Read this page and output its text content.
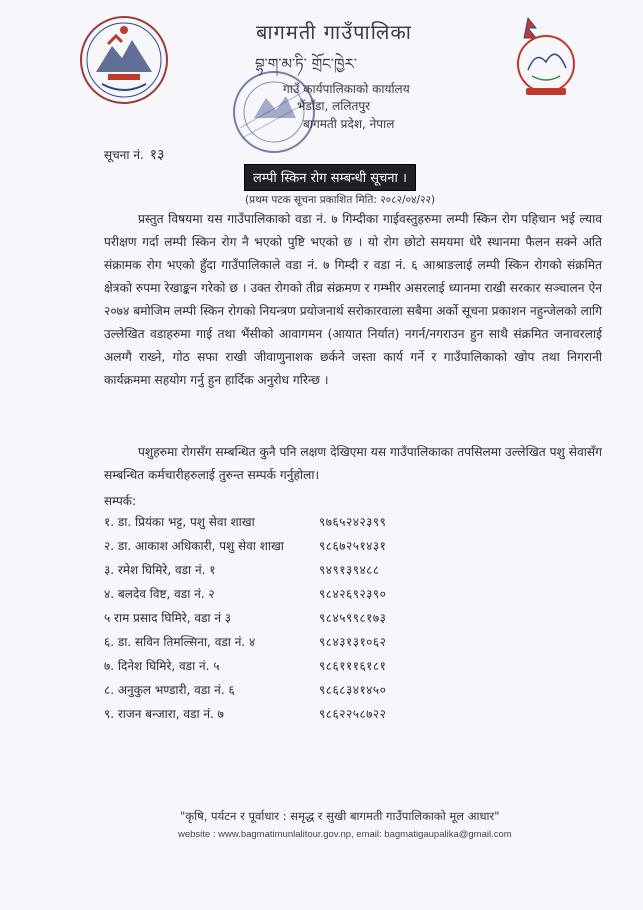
बागमती गाउँपालिका
བྷ་ག་མ་ཏི་ གྲོང་ཁྱེར་
गाउँ कार्यपालिकाको कार्यालय
भैंडाँडा, ललितपुर
बागमती प्रदेश, नेपाल
सूचना नं. १३
लम्पी स्किन रोग सम्बन्धी सूचना ।
(प्रथम पटक सूचना प्रकाशित मिति: २०८२/०४/२२)
प्रस्तुत विषयमा यस गाउँपालिकाको वडा नं. ७ गिम्दीका गाईवस्तुहरुमा लम्पी स्किन रोग पहिचान भई ल्याव परीक्षण गर्दा लम्पी स्किन रोग नै भएको पुष्टि भएको छ । यो रोग छोटो समयमा धेरै स्थानमा फैलन सक्ने अति संक्रामक रोग भएको हुँदा गाउँपालिकाले वडा नं. ७ गिम्दी र वडा नं. ६ आश्राङलाई लम्पी स्किन रोगको संक्रमित क्षेत्रको रुपमा रेखाङ्कन गरेको छ । उक्त रोगको तीव्र संक्रमण र गम्भीर असरलाई ध्यानमा राखी सरकार सञ्चालन ऐन २०७४ बमोजिम लम्पी स्किन रोगको नियन्त्रण प्रयोजनार्थ सरोकारवाला सबैमा अर्को सूचना प्रकाशन नहुन्जेलको लागि उल्लेखित वडाहरुमा गाई तथा भैंसीको आवागमन (आयात निर्यात) नगर्न/नगराउन हुन साथै संक्रमित जनावरलाई अलग्गै राख्ने, गोठ सफा राखी जीवाणुनाशक छर्कने जस्ता कार्य गर्ने र गाउँपालिकाको खोप तथा निगरानी कार्यक्रममा सहयोग गर्नु हुन हार्दिक अनुरोध गरिन्छ ।
पशुहरुमा रोगसँग सम्बन्धित कुनै पनि लक्षण देखिएमा यस गाउँपालिकाका तपसिलमा उल्लेखित पशु सेवासँग सम्बन्धित कर्मचारीहरुलाई तुरुन्त सम्पर्क गर्नुहोला।
सम्पर्क:
१. डा. प्रियंका भट्ट, पशु सेवा शाखा	९७६५२४२३९९
२. डा. आकाश अधिकारी, पशु सेवा शाखा	९८६७२५१४३१
३. रमेश घिमिरे, वडा नं. १	९४९१३९४८८
४. बलदेव विष्ट, वडा नं. २	९८४२६९२३९०
५ राम प्रसाद घिमिरे, वडा नं ३	९८४५९९८१७३
६. डा. सविन तिमल्सिना, वडा नं. ४	९८४३१३१०६२
७. दिनेश घिमिरे, वडा नं. ५	९८६१११६१८१
८. अनुकुल भण्डारी, वडा नं. ६	९८६८३४१४५०
९. राजन बन्जारा, वडा नं. ७	९८६२२५८७२२
"कृषि, पर्यटन र पूर्वाधार : समृद्ध र सुखी बागमती गाउँपालिकाको मूल आधार"
website : www.bagmatimunlalitour.gov.np, email: bagmatigaupalika@gmail.com
